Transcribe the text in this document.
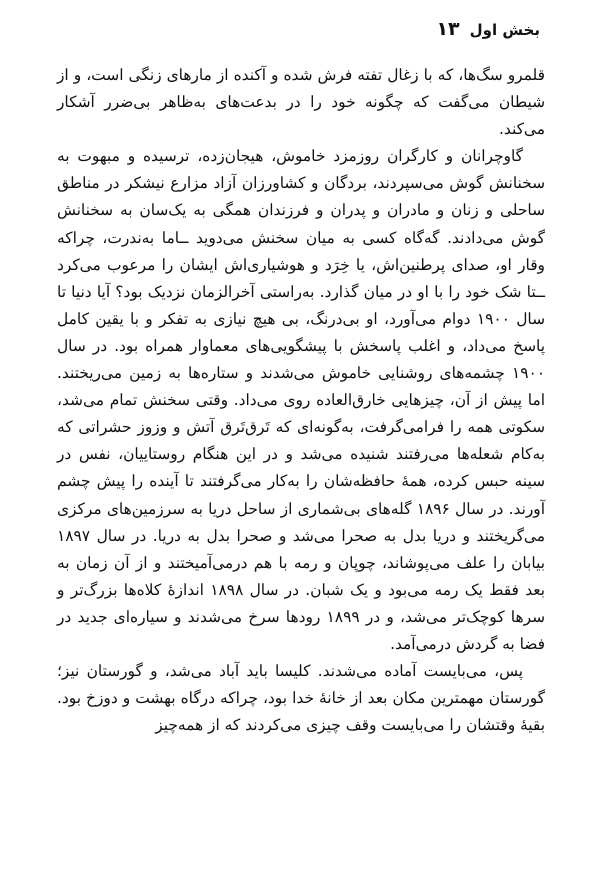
بخش اول
۱۳

قلمرو سگ‌ها، که با زغال تفته فرش شده و آکنده از مارهای زنگی است، و از شیطان می‌گفت که چگونه خود را در بدعت‌های به‌ظاهر بی‌ضرر آشکار می‌کند.

گاوچرانان و کارگران روزمزد خاموش، هیجان‌زده، ترسیده و مبهوت به سخنانش گوش می‌سپردند، بردگان و کشاورزان آزاد مزارع نیشکر در مناطق ساحلی و زنان و مادران و پدران و فرزندان همگی به یک‌سان به سخنانش گوش می‌دادند. گه‌گاه کسی به میان سخنش می‌دوید ــاما به‌ندرت، چراکه وقار او، صدای پرطنین‌اش، یا خِرَد و هوشیاری‌اش ایشان را مرعوب می‌کرد ــتا شک خود را با او در میان گذارد. به‌راستی آخرالزمان نزدیک بود؟ آیا دنیا تا سال ۱۹۰۰ دوام می‌آورد، او بی‌درنگ، بی هیچ نیازی به تفکر و با یقین کامل پاسخ می‌داد، و اغلب پاسخش با پیشگویی‌های معماوار همراه بود. در سال ۱۹۰۰ چشمه‌های روشنایی خاموش می‌شدند و ستاره‌ها به زمین می‌ریختند. اما پیش از آن، چیزهایی خارق‌العاده روی می‌داد. وقتی سخنش تمام می‌شد، سکوتی همه را فرامی‌گرفت، به‌گونه‌ای که تَرق‌تَرق آتش و وزوز حشراتی که به‌کام شعله‌ها می‌رفتند شنیده می‌شد و در این هنگام روستاییان، نفس در سینه حبس کرده، همهٔ حافظه‌شان را به‌کار می‌گرفتند تا آینده را پیش چشم آورند. در سال ۱۸۹۶ گله‌های بی‌شماری از ساحل دریا به سرزمین‌های مرکزی می‌گریختند و دریا بدل به صحرا می‌شد و صحرا بدل به دریا. در سال ۱۸۹۷ بیابان را علف می‌پوشاند، چوپان و رمه با هم درمی‌آمیختند و از آن زمان به بعد فقط یک رمه می‌بود و یک شبان. در سال ۱۸۹۸ اندازهٔ کلاه‌ها بزرگ‌تر و سرها کوچک‌تر می‌شد، و در ۱۸۹۹ رودها سرخ می‌شدند و سیاره‌ای جدید در فضا به گردش درمی‌آمد.

پس، می‌بایست آماده می‌شدند. کلیسا باید آباد می‌شد، و گورستان نیز؛ گورستان مهمترین مکان بعد از خانهٔ خدا بود، چراکه درگاه بهشت و دوزخ بود. بقیهٔ وقتشان را می‌بایست وقف چیزی می‌کردند که از همه‌چیز
